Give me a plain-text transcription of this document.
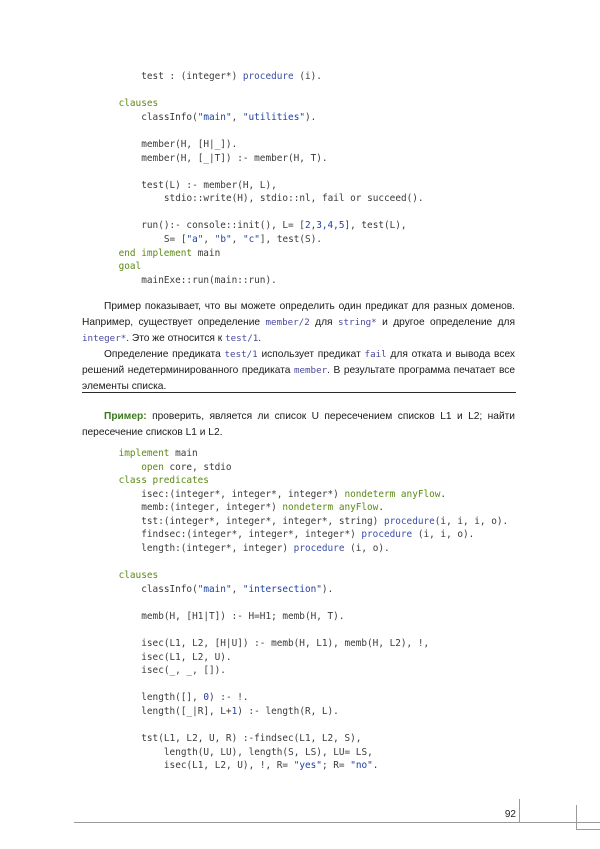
test : (integer*) procedure (i).
clauses
classInfo("main", "utilities").
member(H, [H|_]).
member(H, [_|T]) :- member(H, T).
test(L) :- member(H, L),
stdio::write(H), stdio::nl, fail or succeed().
run():- console::init(), L= [2,3,4,5], test(L),
S= ["a", "b", "c"], test(S).
end implement main
goal
mainExe::run(main::run).

Пример показывает, что вы можете определить один предикат для разных доменов. Например, существует определение member/2 для string* и другое определение для integer*. Это же относится к test/1.

Определение предиката test/1 использует предикат fail для отката и вывода всех решений недетерминированного предиката member. В результате программа печатает все элементы списка.

Пример: проверить, является ли список U пересечением списков L1 и L2; найти пересечение списков L1 и L2.

implement main
open core, stdio
class predicates
isec:(integer*, integer*, integer*) nondeterm anyFlow.
memb:(integer, integer*) nondeterm anyFlow.
tst:(integer*, integer*, integer*, string) procedure(i, i, i, o).
findsec:(integer*, integer*, integer*) procedure (i, i, o).
length:(integer*, integer) procedure (i, o).
clauses
classInfo("main", "intersection").
memb(H, [H1|T]) :- H=H1; memb(H, T).
isec(L1, L2, [H|U]) :- memb(H, L1), memb(H, L2), !,
isec(L1, L2, U).
isec(_, _, []).
length([], 0) :- !.
length([_|R], L+1) :- length(R, L).
tst(L1, L2, U, R) :-findsec(L1, L2, S),
length(U, LU), length(S, LS), LU= LS,
isec(L1, L2, U), !, R= "yes"; R= "no".
92
